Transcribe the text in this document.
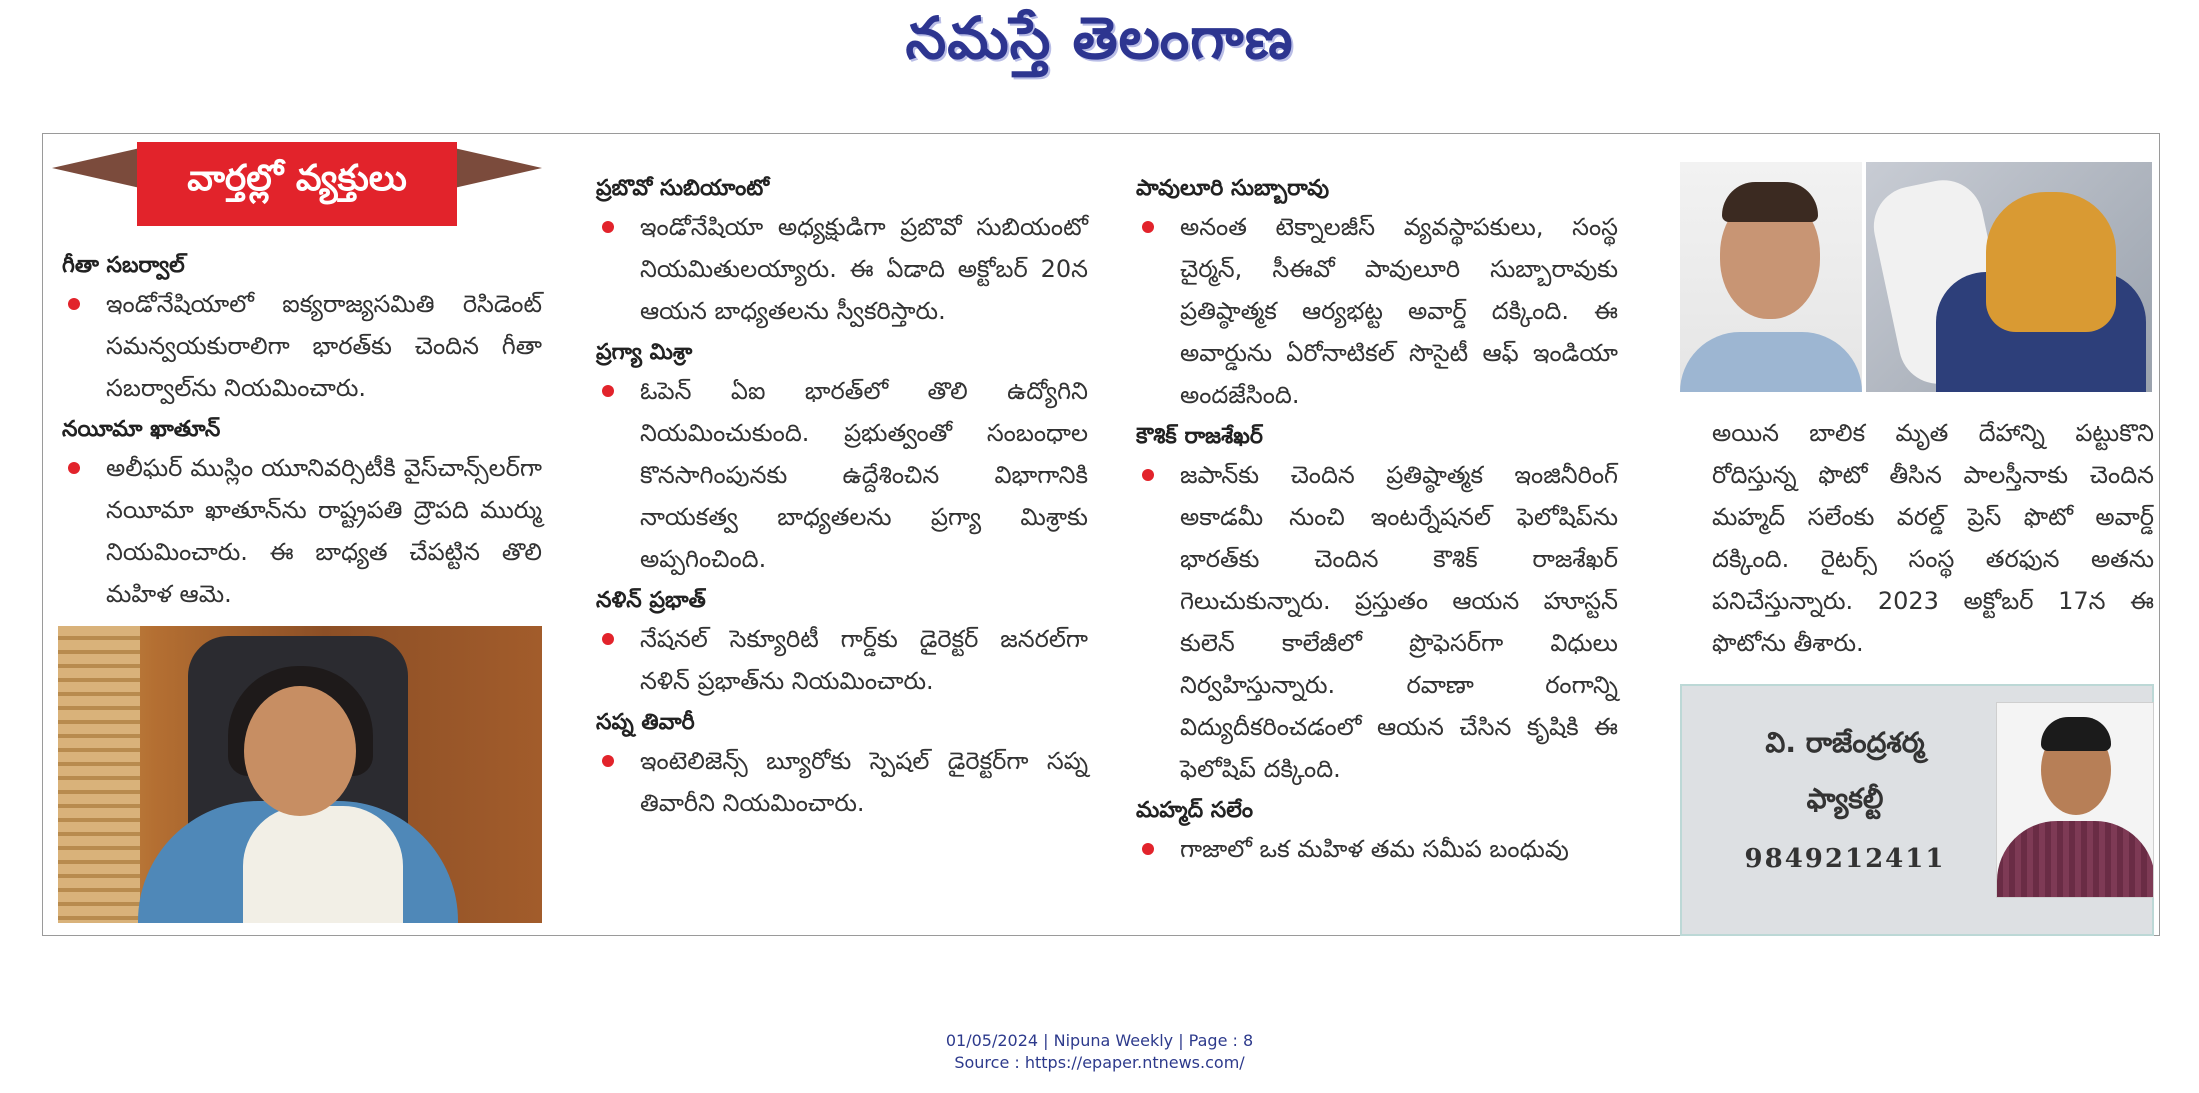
నమస్తే తెలంగాణ
వార్తల్లో వ్యక్తులు
గీతా సబర్వాల్
ఇండోనేషియాలో ఐక్యరాజ్యసమితి రెసిడెంట్ సమన్వయకురాలిగా భారత్‌కు చెందిన గీతా సబర్వాల్‌ను నియమించారు.
నయీమా ఖాతూన్
అలీఘర్ ముస్లిం యూనివర్సిటీకి వైస్‌చాన్స్‌లర్‌గా నయీమా ఖాతూన్‌ను రాష్ట్రపతి ద్రౌపది ముర్ము నియమించారు. ఈ బాధ్యత చేపట్టిన తొలి మహిళ ఆమె.
ప్రబొవో సుబియాంటో
ఇండోనేషియా అధ్యక్షుడిగా ప్రబొవో సుబియంటో నియమితులయ్యారు. ఈ ఏడాది అక్టోబర్ 20న ఆయన బాధ్యతలను స్వీకరిస్తారు.
ప్రగ్యా మిశ్రా
ఓపెన్ ఏఐ భారత్‌లో తొలి ఉద్యోగిని నియమించుకుంది. ప్రభుత్వంతో సంబంధాల కొనసాగింపునకు ఉద్దేశించిన విభాగానికి నాయకత్వ బాధ్యతలను ప్రగ్యా మిశ్రాకు అప్పగించింది.
నళిన్ ప్రభాత్
నేషనల్ సెక్యూరిటీ గార్డ్‌కు డైరెక్టర్ జనరల్‌గా నళిన్ ప్రభాత్‌ను నియమించారు.
సప్న తివారీ
ఇంటెలిజెన్స్ బ్యూరోకు స్పెషల్ డైరెక్టర్‌గా సప్న తివారీని నియమించారు.
పావులూరి సుబ్బారావు
అనంత టెక్నాలజీస్ వ్యవస్థాపకులు, సంస్థ చైర్మన్, సీఈవో పావులూరి సుబ్బారావుకు ప్రతిష్ఠాత్మక ఆర్యభట్ట అవార్డ్ దక్కింది. ఈ అవార్డును ఏరోనాటికల్ సొసైటీ ఆఫ్ ఇండియా అందజేసింది.
కౌశిక్ రాజశేఖర్
జపాన్‌కు చెందిన ప్రతిష్ఠాత్మక ఇంజినీరింగ్ అకాడమీ నుంచి ఇంటర్నేషనల్ ఫెలోషిప్‌ను భారత్‌కు చెందిన కౌశిక్ రాజశేఖర్ గెలుచుకున్నారు. ప్రస్తుతం ఆయన హూస్టన్ కులెన్ కాలేజీలో ప్రొఫెసర్‌గా విధులు నిర్వహిస్తున్నారు. రవాణా రంగాన్ని విద్యుదీకరించడంలో ఆయన చేసిన కృషికి ఈ ఫెలోషిప్ దక్కింది.
మహ్మద్ సలేం
గాజాలో ఒక మహిళ తమ సమీప బంధువు
అయిన బాలిక మృత దేహాన్ని పట్టుకొని రోదిస్తున్న ఫొటో తీసిన పాలస్తీనాకు చెందిన మహ్మద్ సలేంకు వరల్డ్ ప్రెస్ ఫొటో అవార్డ్ దక్కింది. రైటర్స్ సంస్థ తరఫున అతను పనిచేస్తున్నారు. 2023 అక్టోబర్ 17న ఈ ఫొటోను తీశారు.
వి. రాజేంద్రశర్మ
ఫ్యాకల్టీ
9849212411
01/05/2024 | Nipuna Weekly | Page : 8
Source : https://epaper.ntnews.com/
